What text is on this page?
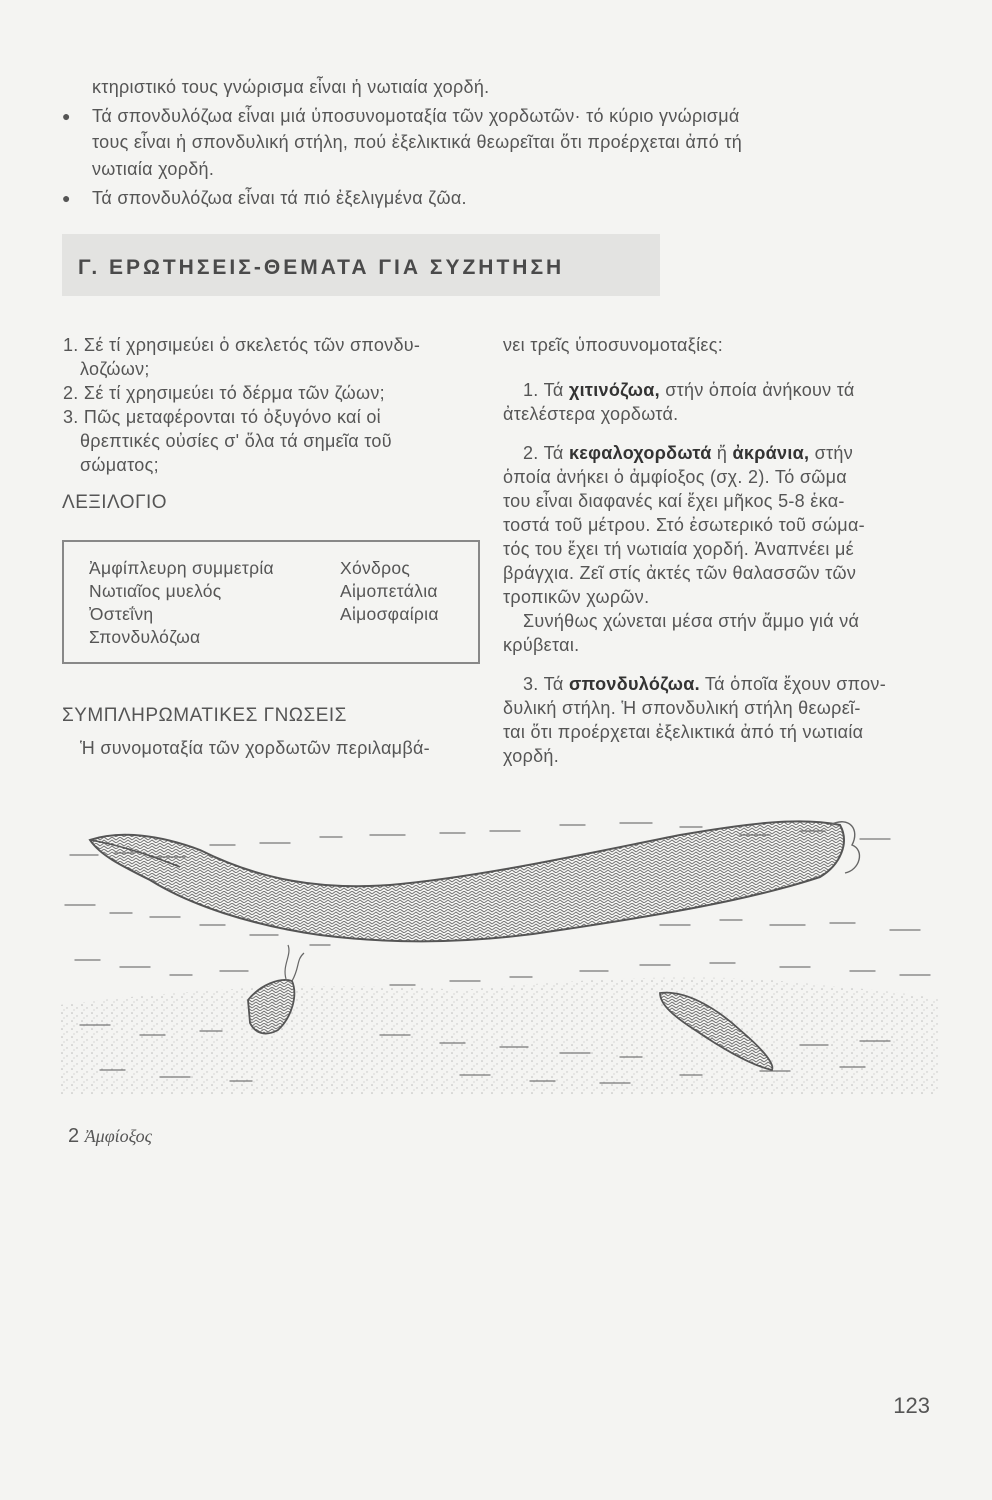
κτηριστικό τους γνώρισμα εἶναι ἡ νωτιαία χορδή.
● Τά σπονδυλόζωα εἶναι μιά ὑποσυνομοταξία τῶν χορδωτῶν· τό κύριο γνώρισμά
τους εἶναι ἡ σπονδυλική στήλη, πού ἐξελικτικά θεωρεῖται ὅτι προέρχεται ἀπό τή
νωτιαία χορδή.
● Τά σπονδυλόζωα εἶναι τά πιό ἐξελιγμένα ζῶα.
Γ. ΕΡΩΤΗΣΕΙΣ-ΘΕΜΑΤΑ ΓΙΑ ΣΥΖΗΤΗΣΗ
1. Σέ τί χρησιμεύει ὁ σκελετός τῶν σπονδυ-
λοζώων;
2. Σέ τί χρησιμεύει τό δέρμα τῶν ζώων;
3. Πῶς μεταφέρονται τό ὀξυγόνο καί οἱ
θρεπτικές οὐσίες σ' ὅλα τά σημεῖα τοῦ
σώματος;
ΛΕΞΙΛΟΓΙΟ
Ἀμφίπλευρη συμμετρία
Νωτιαῖος μυελός
Ὀστεΐνη
Σπονδυλόζωα
Χόνδρος
Αἱμοπετάλια
Αἱμοσφαίρια
ΣΥΜΠΛΗΡΩΜΑΤΙΚΕΣ ΓΝΩΣΕΙΣ
Ἡ συνομοταξία τῶν χορδωτῶν περιλαμβά-
νει τρεῖς ὑποσυνομοταξίες:
1. Τά χιτινόζωα, στήν ὁποία ἀνήκουν τά
ἀτελέστερα χορδωτά.
2. Τά κεφαλοχορδωτά ἤ ἀκράνια, στήν
ὁποία ἀνήκει ὁ ἀμφίοξος (σχ. 2). Τό σῶμα
του εἶναι διαφανές καί ἔχει μῆκος 5-8 ἑκα-
τοστά τοῦ μέτρου. Στό ἐσωτερικό τοῦ σώμα-
τός του ἔχει τή νωτιαία χορδή. Ἀναπνέει μέ
βράγχια. Ζεῖ στίς ἀκτές τῶν θαλασσῶν τῶν
τροπικῶν χωρῶν.
Συνήθως χώνεται μέσα στήν ἄμμο γιά νά
κρύβεται.
3. Τά σπονδυλόζωα. Τά ὁποῖα ἔχουν σπον-
δυλική στήλη. Ἡ σπονδυλική στήλη θεωρεῖ-
ται ὅτι προέρχεται ἐξελικτικά ἀπό τή νωτιαία
χορδή.
2 Ἀμφίοξος
123
